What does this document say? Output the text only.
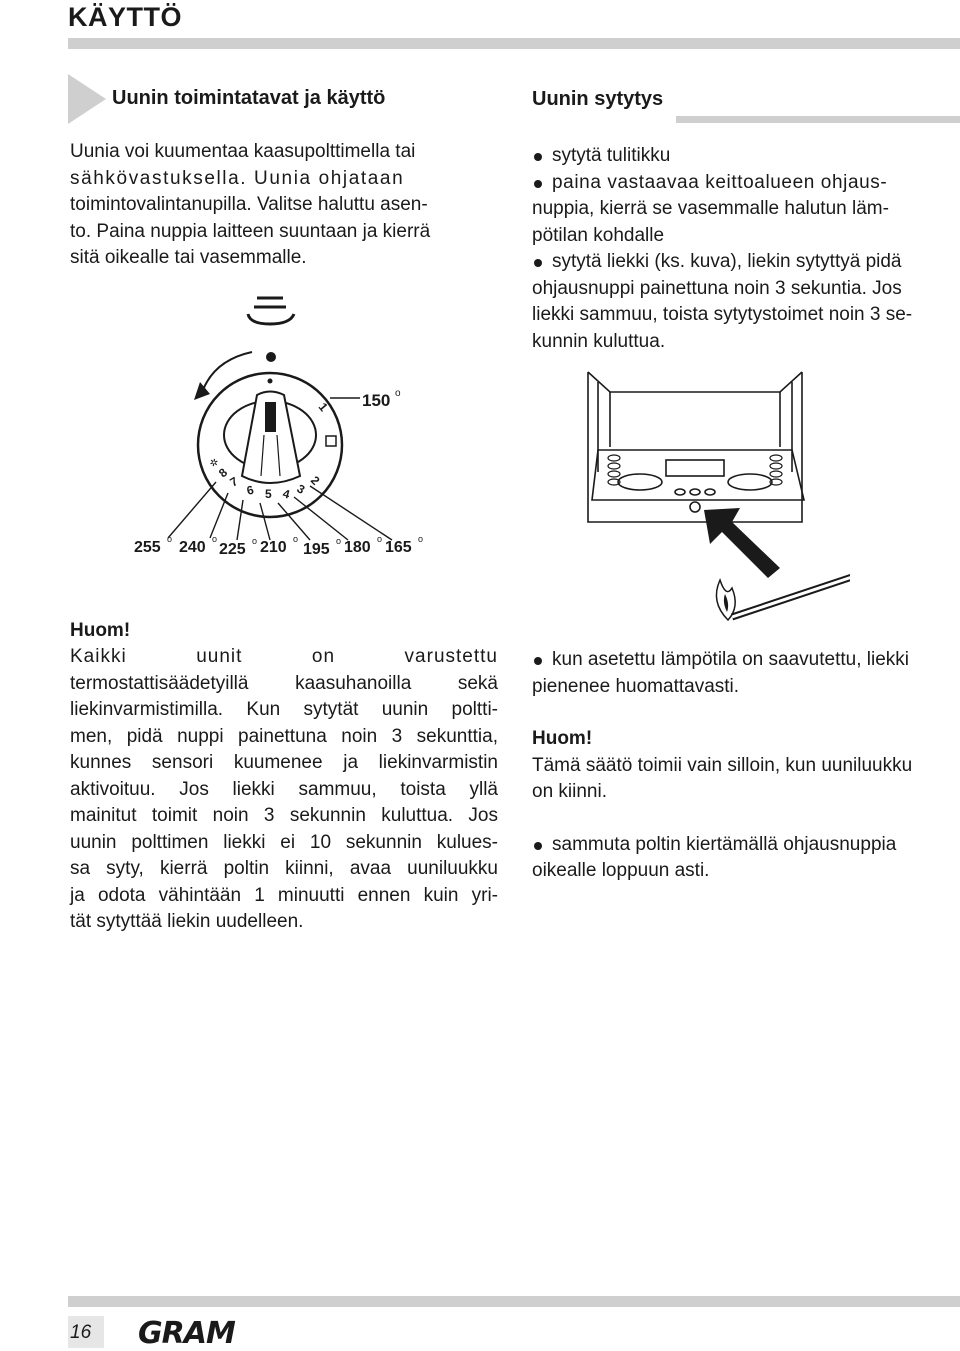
KÄYTTÖ
Uunin toimintatavat ja käyttö	Uunin sytytys
Uunia voi kuumentaa kaasupolttimella tai
sähkövastuksella. Uunia ohjataan
toimintovalintanupilla. Valitse haluttu asen-
to. Paina nuppia laitteen suuntaan ja kierrä
sitä oikealle tai vasemmalle.
sytytä tulitikku
paina vastaavaa keittoalueen ohjaus-
nuppia, kierrä se vasemmalle halutun läm-
pötilan kohdalle
sytytä liekki (ks. kuva), liekin sytyttyä pidä
ohjausnuppi painettuna noin 3 sekuntia. Jos
liekki sammuu, toista sytytystoimet noin 3 se-
kunnin kuluttua.
150 o
1
8
7
6 5 4 3
2
✲
255 240 225 210 195 180 165
o	o	o	o	o	o	o
Huom!
Kaikki uunit on varustettu
termostattisäädetyillä kaasuhanoilla sekä
liekinvarmistimilla. Kun sytytät uunin poltti-
men, pidä nuppi painettuna noin 3 sekunttia,
kunnes sensori kuumenee ja liekinvarmistin
aktivoituu. Jos liekki sammuu, toista yllä
mainitut toimit noin 3 sekunnin kuluttua. Jos
uunin polttimen liekki ei 10 sekunnin kulues-
sa syty, kierrä poltin kiinni, avaa uuniluukku
ja odota vähintään 1 minuutti ennen kuin yri-
tät sytyttää liekin uudelleen.
kun asetettu lämpötila on saavutettu, liekki
pienenee huomattavasti.
Huom!
Tämä säätö toimii vain silloin, kun uuniluukku
on kiinni.
sammuta poltin kiertämällä ohjausnuppia
oikealle loppuun asti.
16 GRAM
